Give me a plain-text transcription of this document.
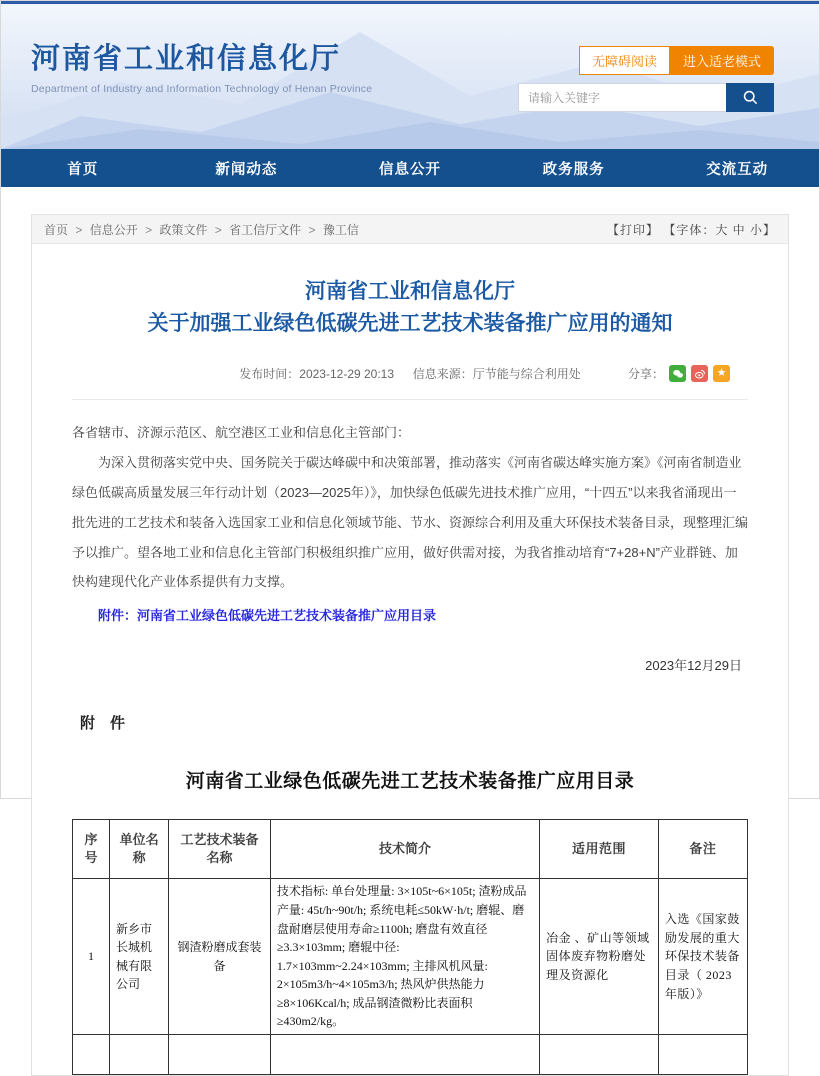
河南省工业和信息化厅
Department of Industry and Information Technology of Henan Province
无障碍阅读	进入适老模式
请输入关键字
首页	新闻动态	信息公开	政务服务	交流互动
首页 > 信息公开 > 政策文件 > 省工信厅文件 > 豫工信	【打印】 【字体：大 中 小】
河南省工业和信息化厅
关于加强工业绿色低碳先进工艺技术装备推广应用的通知
发布时间：2023-12-29 20:13 　 信息来源：厅节能与综合利用处	分享：	★

各省辖市、济源示范区、航空港区工业和信息化主管部门：

为深入贯彻落实党中央、国务院关于碳达峰碳中和决策部署，推动落实《河南省碳达峰实施方案》《河南省制造业绿色低碳高质量发展三年行动计划（2023—2025年）》，加快绿色低碳先进技术推广应用，“十四五”以来我省涌现出一批先进的工艺技术和装备入选国家工业和信息化领域节能、节水、资源综合利用及重大环保技术装备目录，现整理汇编予以推广。望各地工业和信息化主管部门积极组织推广应用，做好供需对接，为我省推动培育“7+28+N”产业群链、加快构建现代化产业体系提供有力支撑。

附件：河南省工业绿色低碳先进工艺技术装备推广应用目录
2023年12月29日
附　件
河南省工业绿色低碳先进工艺技术装备推广应用目录
序号	单位名称	工艺技术装备名称	技术简介	适用范围	备注
1	新乡市长城机械有限公司	钢渣粉磨成套装备	技术指标: 单台处理量: 3×105t~6×105t; 渣粉成品产量: 45t/h~90t/h; 系统电耗≤50kW·h/t; 磨辊、磨盘耐磨层使用寿命≥1100h; 磨盘有效直径≥3.3×103mm; 磨辊中径: 1.7×103mm~2.24×103mm; 主排风机风量: 2×105m3/h~4×105m3/h; 热风炉供热能力≥8×106Kcal/h; 成品钢渣微粉比表面积≥430m2/kg。	冶金 、矿山等领域固体废弃物粉磨处理及资源化	入选《国家鼓励发展的重大环保技术装备目录（ 2023 年版）》
